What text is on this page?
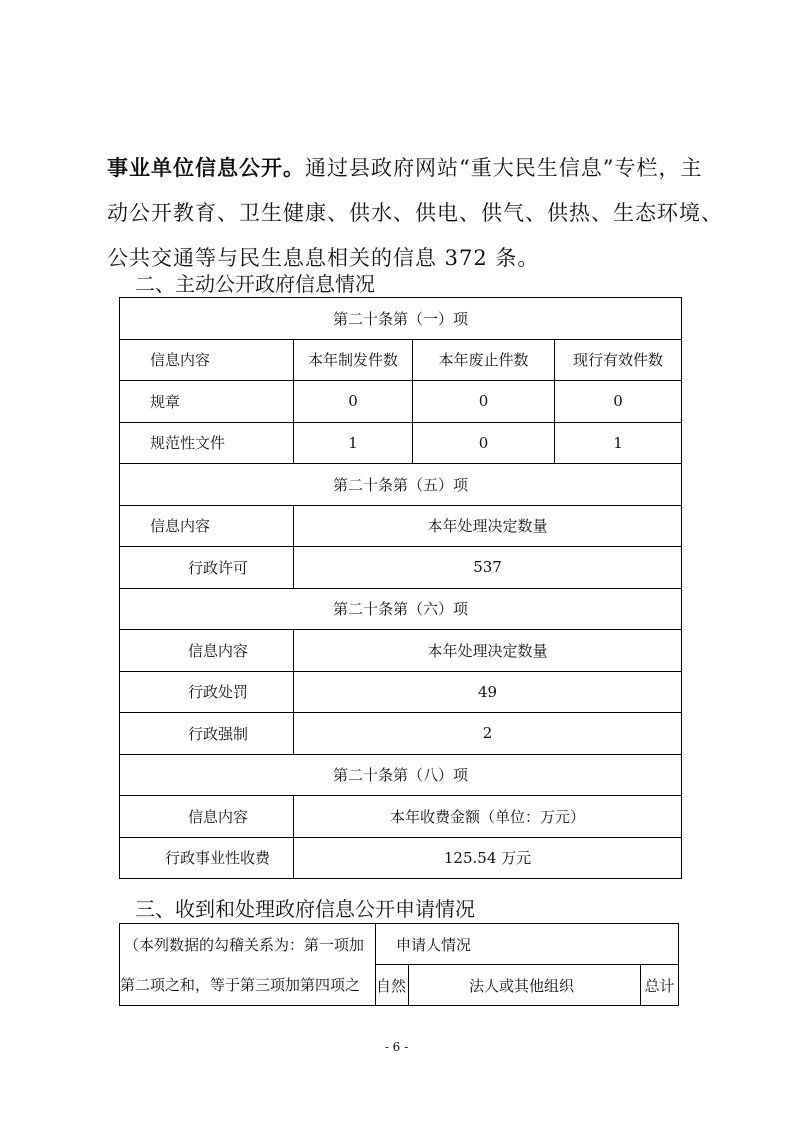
事业单位信息公开。通过县政府网站“重大民生信息”专栏，主
动公开教育、卫生健康、供水、供电、供气、供热、生态环境、
公共交通等与民生息息相关的信息 372 条。
二、主动公开政府信息情况
第二十条第（一）项			
信息内容	本年制发件数	本年废止件数	现行有效件数
规章	0	0	0
规范性文件	1	0	1
第二十条第（五）项			
信息内容	本年处理决定数量		
行政许可	537		
第二十条第（六）项			
信息内容	本年处理决定数量		
行政处罚	49		
行政强制	2		
第二十条第（八）项			
信息内容	本年收费金额（单位：万元）		
行政事业性收费	125.54 万元		
三、收到和处理政府信息公开申请情况
（本列数据的勾稽关系为：第一项加	申请人情况		
第二项之和，等于第三项加第四项之	自然	法人或其他组织	总计
- 6 -
